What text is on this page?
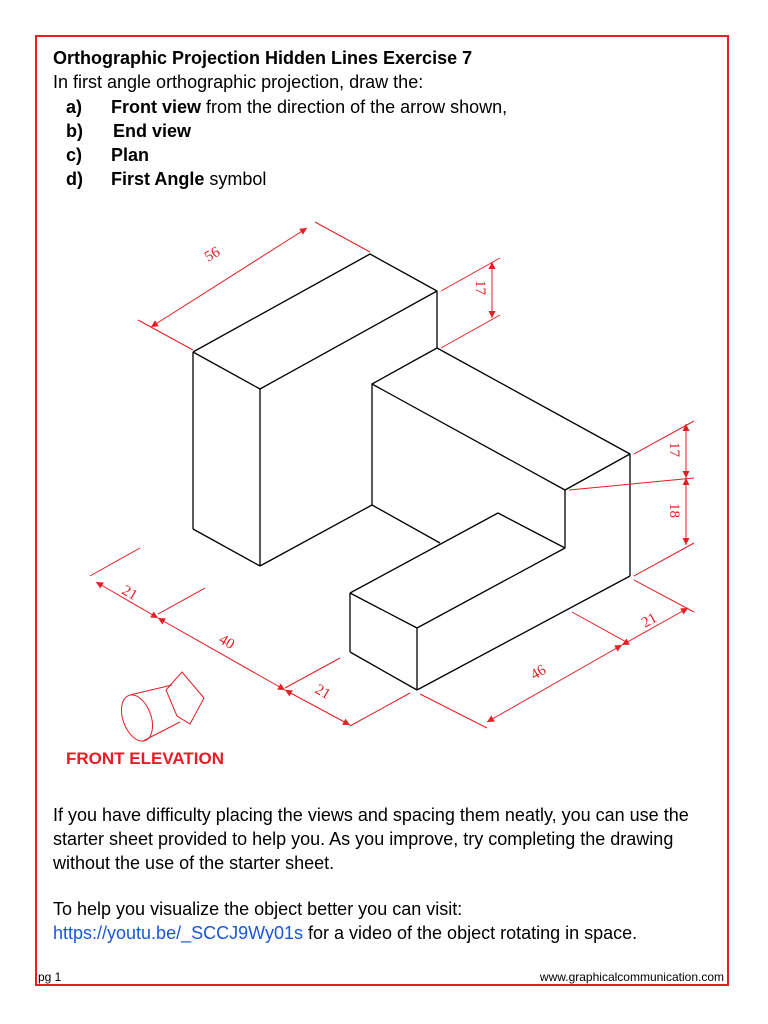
Orthographic Projection Hidden Lines Exercise 7
In first angle orthographic projection, draw the:
a)	Front view from the direction of the arrow shown,
b)	End view
c)	Plan
d)	First Angle symbol
56
17
17
18
21
40
21
46
21
FRONT ELEVATION
If you have difficulty placing the views and spacing them neatly, you can use the starter sheet provided to help you. As you improve, try completing the drawing without the use of the starter sheet.
To help you visualize the object better you can visit:
https://youtu.be/_SCCJ9Wy01s for a video of the object rotating in space.
pg 1	www.graphicalcommunication.com
